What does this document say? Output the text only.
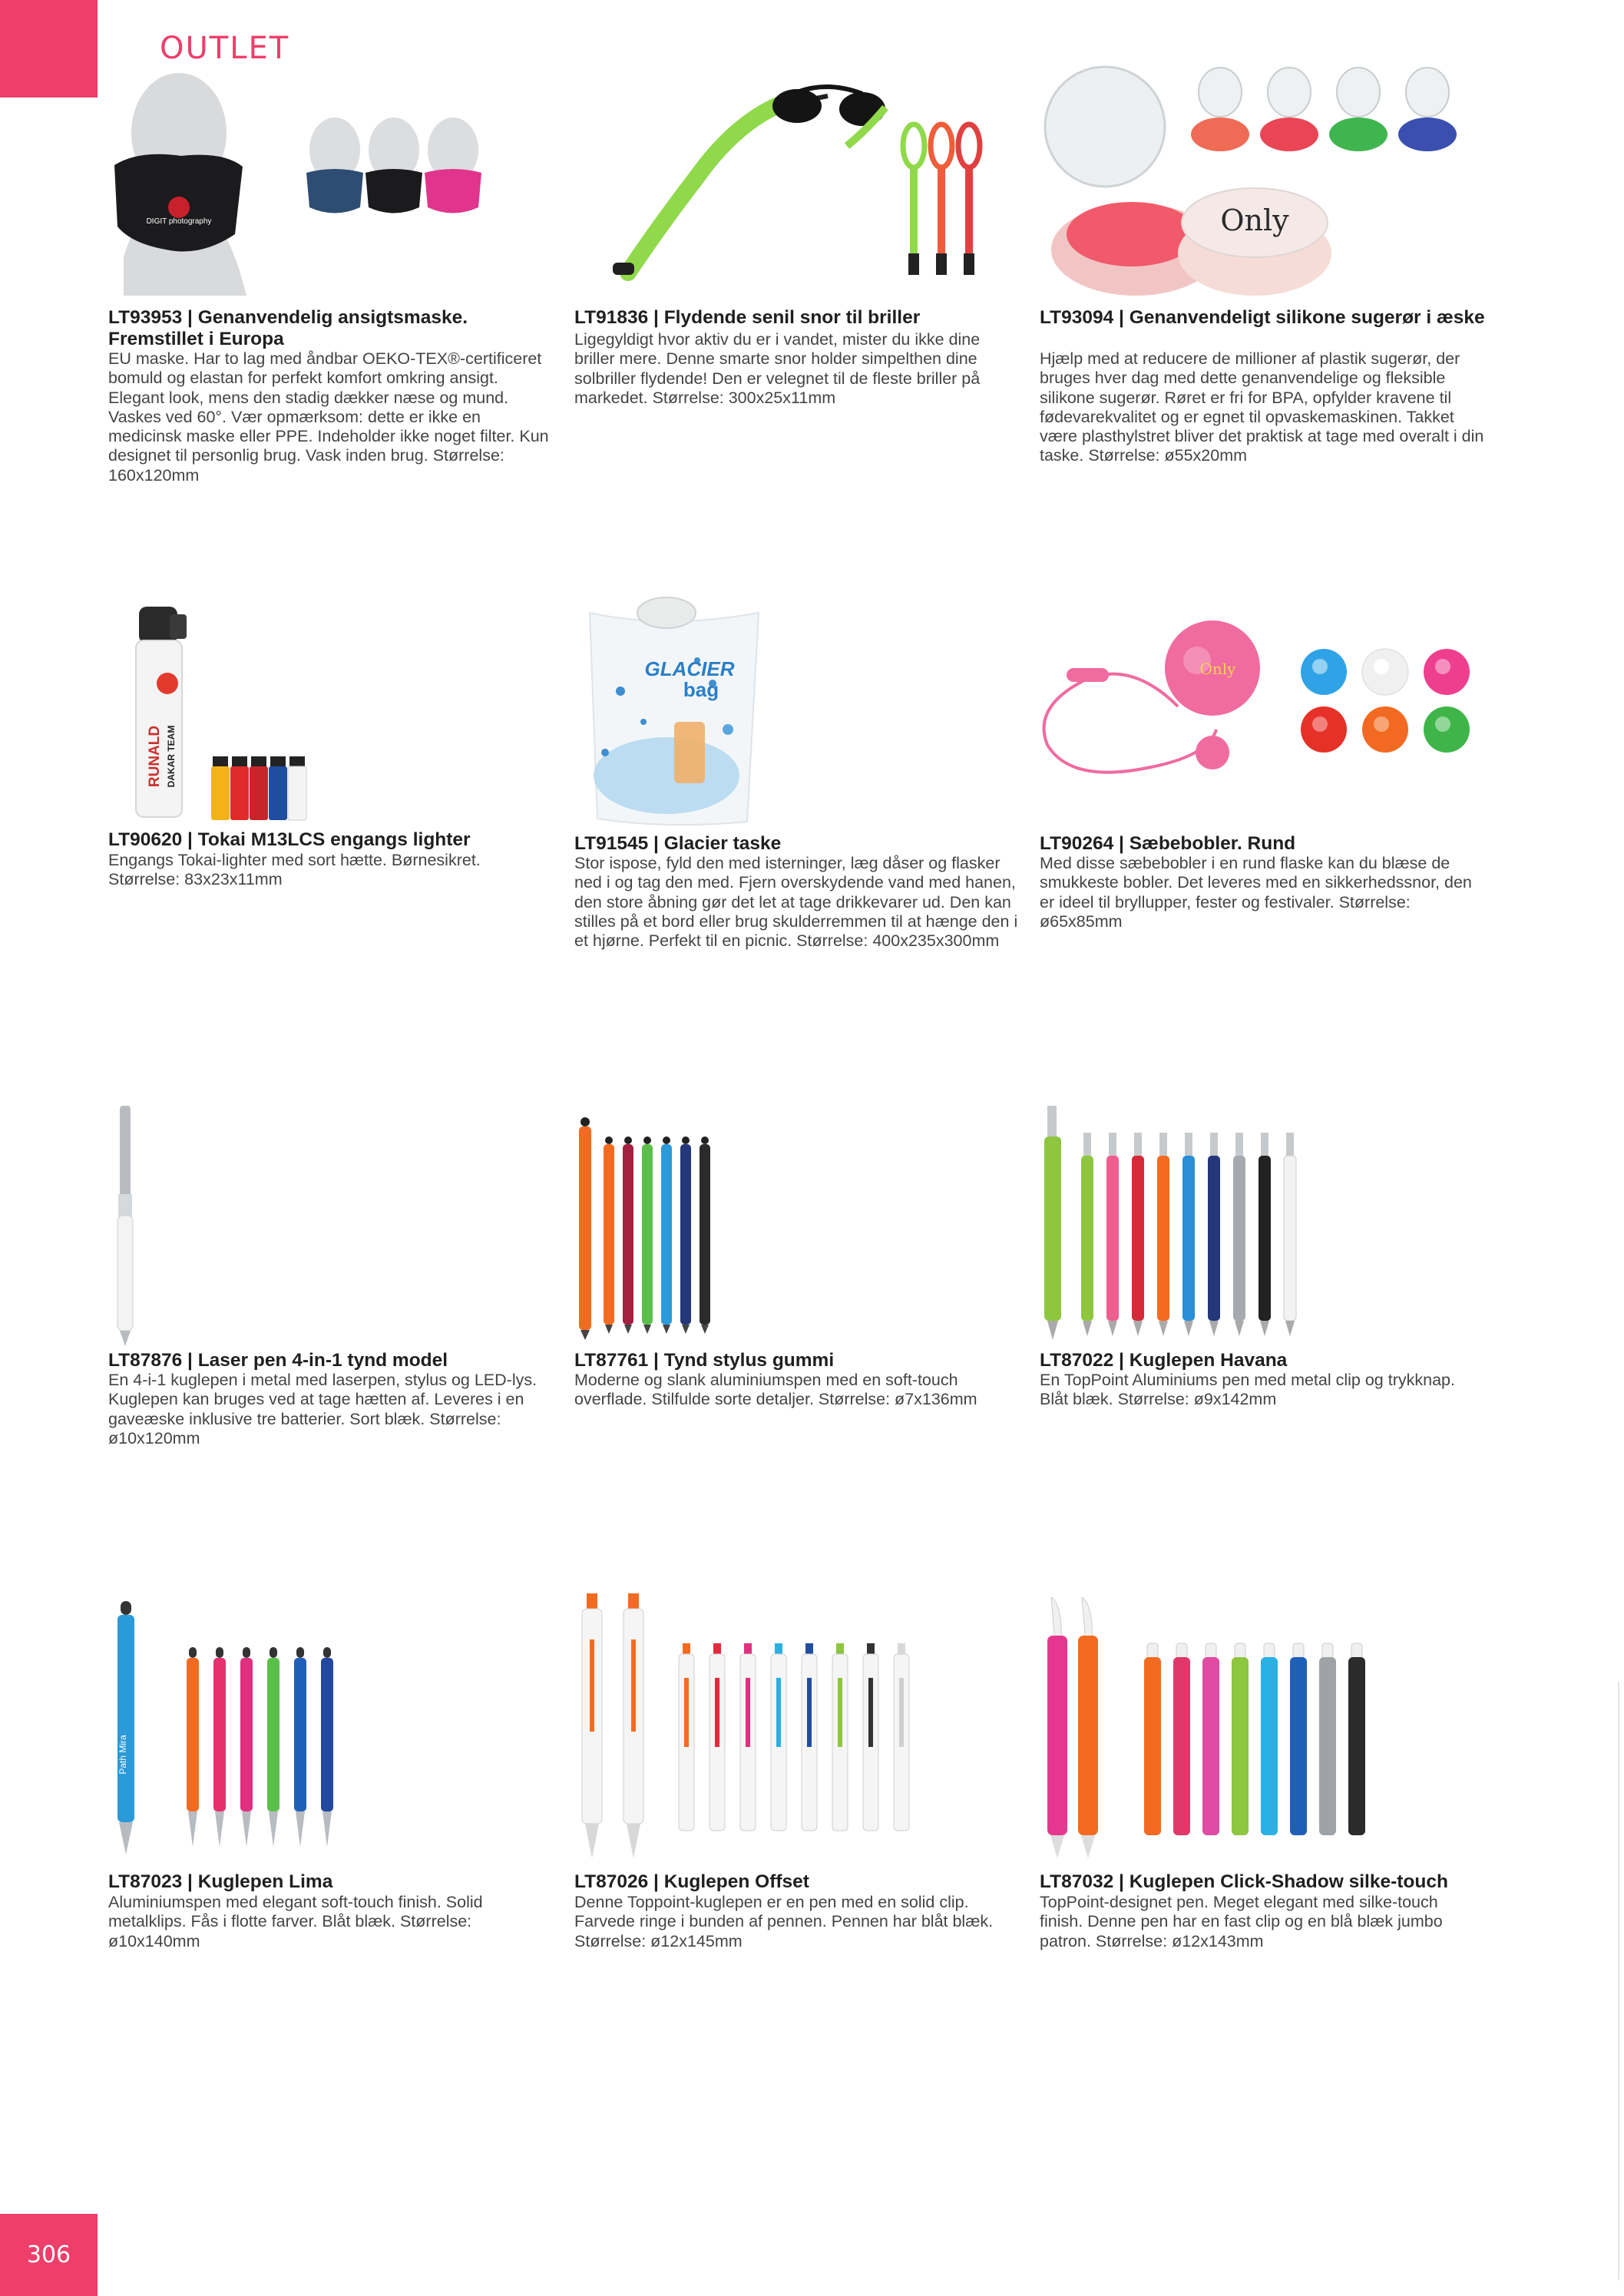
OUTLET
DIGIT photography

LT93953 | Genanvendelig ansigtsmaske. Fremstillet i Europa

EU maske. Har to lag med åndbar OEKO-TEX®-certificeret bomuld og elastan for perfekt komfort omkring ansigt. Elegant look, mens den stadig dækker næse og mund. Vaskes ved 60°. Vær opmærksom: dette er ikke en medicinsk maske eller PPE. Indeholder ikke noget filter. Kun designet til personlig brug. Vask inden brug. Størrelse: 160x120mm

LT91836 | Flydende senil snor til briller

Ligegyldigt hvor aktiv du er i vandet, mister du ikke dine briller mere. Denne smarte snor holder simpelthen dine solbriller flydende! Den er velegnet til de fleste briller på markedet. Størrelse: 300x25x11mm

Only

LT93094 | Genanvendeligt silikone sugerør i æske

Hjælp med at reducere de millioner af plastik sugerør, der bruges hver dag med dette genanvendelige og fleksible silikone sugerør. Røret er fri for BPA, opfylder kravene til fødevarekvalitet og er egnet til opvaskemaskinen. Takket være plasthylstret bliver det praktisk at tage med overalt i din taske. Størrelse: ø55x20mm

RUNALD DAKAR TEAM

LT90620 | Tokai M13LCS engangs lighter

Engangs Tokai-lighter med sort hætte. Børnesikret. Størrelse: 83x23x11mm

GLACIER
bag

LT91545 | Glacier taske

Stor ispose, fyld den med isterninger, læg dåser og flasker ned i og tag den med. Fjern overskydende vand med hanen, den store åbning gør det let at tage drikkevarer ud. Den kan stilles på et bord eller brug skulderremmen til at hænge den i et hjørne. Perfekt til en picnic. Størrelse: 400x235x300mm

Only

LT90264 | Sæbebobler. Rund

Med disse sæbebobler i en rund flaske kan du blæse de smukkeste bobler. Det leveres med en sikkerhedssnor, den er ideel til bryllupper, fester og festivaler. Størrelse: ø65x85mm

LT87876 | Laser pen 4-in-1 tynd model

En 4-i-1 kuglepen i metal med laserpen, stylus og LED-lys. Kuglepen kan bruges ved at tage hætten af. Leveres i en gaveæske inklusive tre batterier. Sort blæk. Størrelse: ø10x120mm

LT87761 | Tynd stylus gummi

Moderne og slank aluminiumspen med en soft-touch overflade. Stilfulde sorte detaljer. Størrelse: ø7x136mm

LT87022 | Kuglepen Havana

En TopPoint Aluminiums pen med metal clip og trykknap. Blåt blæk. Størrelse: ø9x142mm

Path Mira

LT87023 | Kuglepen Lima

Aluminiumspen med elegant soft-touch finish. Solid metalklips. Fås i flotte farver. Blåt blæk. Størrelse: ø10x140mm

LT87026 | Kuglepen Offset

Denne Toppoint-kuglepen er en pen med en solid clip. Farvede ringe i bunden af pennen. Pennen har blåt blæk. Størrelse: ø12x145mm

LT87032 | Kuglepen Click-Shadow silke-touch

TopPoint-designet pen. Meget elegant med silke-touch finish. Denne pen har en fast clip og en blå blæk jumbo patron. Størrelse: ø12x143mm

306
